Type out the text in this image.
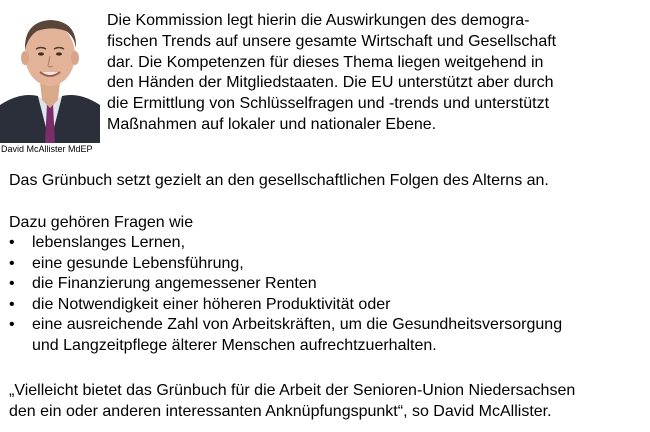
David McAllister MdEP
Die Kommission legt hierin die Auswirkungen des demogra-
fischen Trends auf unsere gesamte Wirtschaft und Gesellschaft
dar. Die Kompetenzen für dieses Thema liegen weitgehend in
den Händen der Mitgliedstaaten. Die EU unterstützt aber durch
die Ermittlung von Schlüsselfragen und -trends und unterstützt
Maßnahmen auf lokaler und nationaler Ebene.
Das Grünbuch setzt gezielt an den gesellschaftlichen Folgen des Alterns an.
Dazu gehören Fragen wie
• lebenslanges Lernen,
• eine gesunde Lebensführung,
• die Finanzierung angemessener Renten
• die Notwendigkeit einer höheren Produktivität oder
• eine ausreichende Zahl von Arbeitskräften, um die Gesundheitsversorgung
und Langzeitpflege älterer Menschen aufrechtzuerhalten.
„Vielleicht bietet das Grünbuch für die Arbeit der Senioren-Union Niedersachsen
den ein oder anderen interessanten Anknüpfungspunkt“, so David McAllister.
